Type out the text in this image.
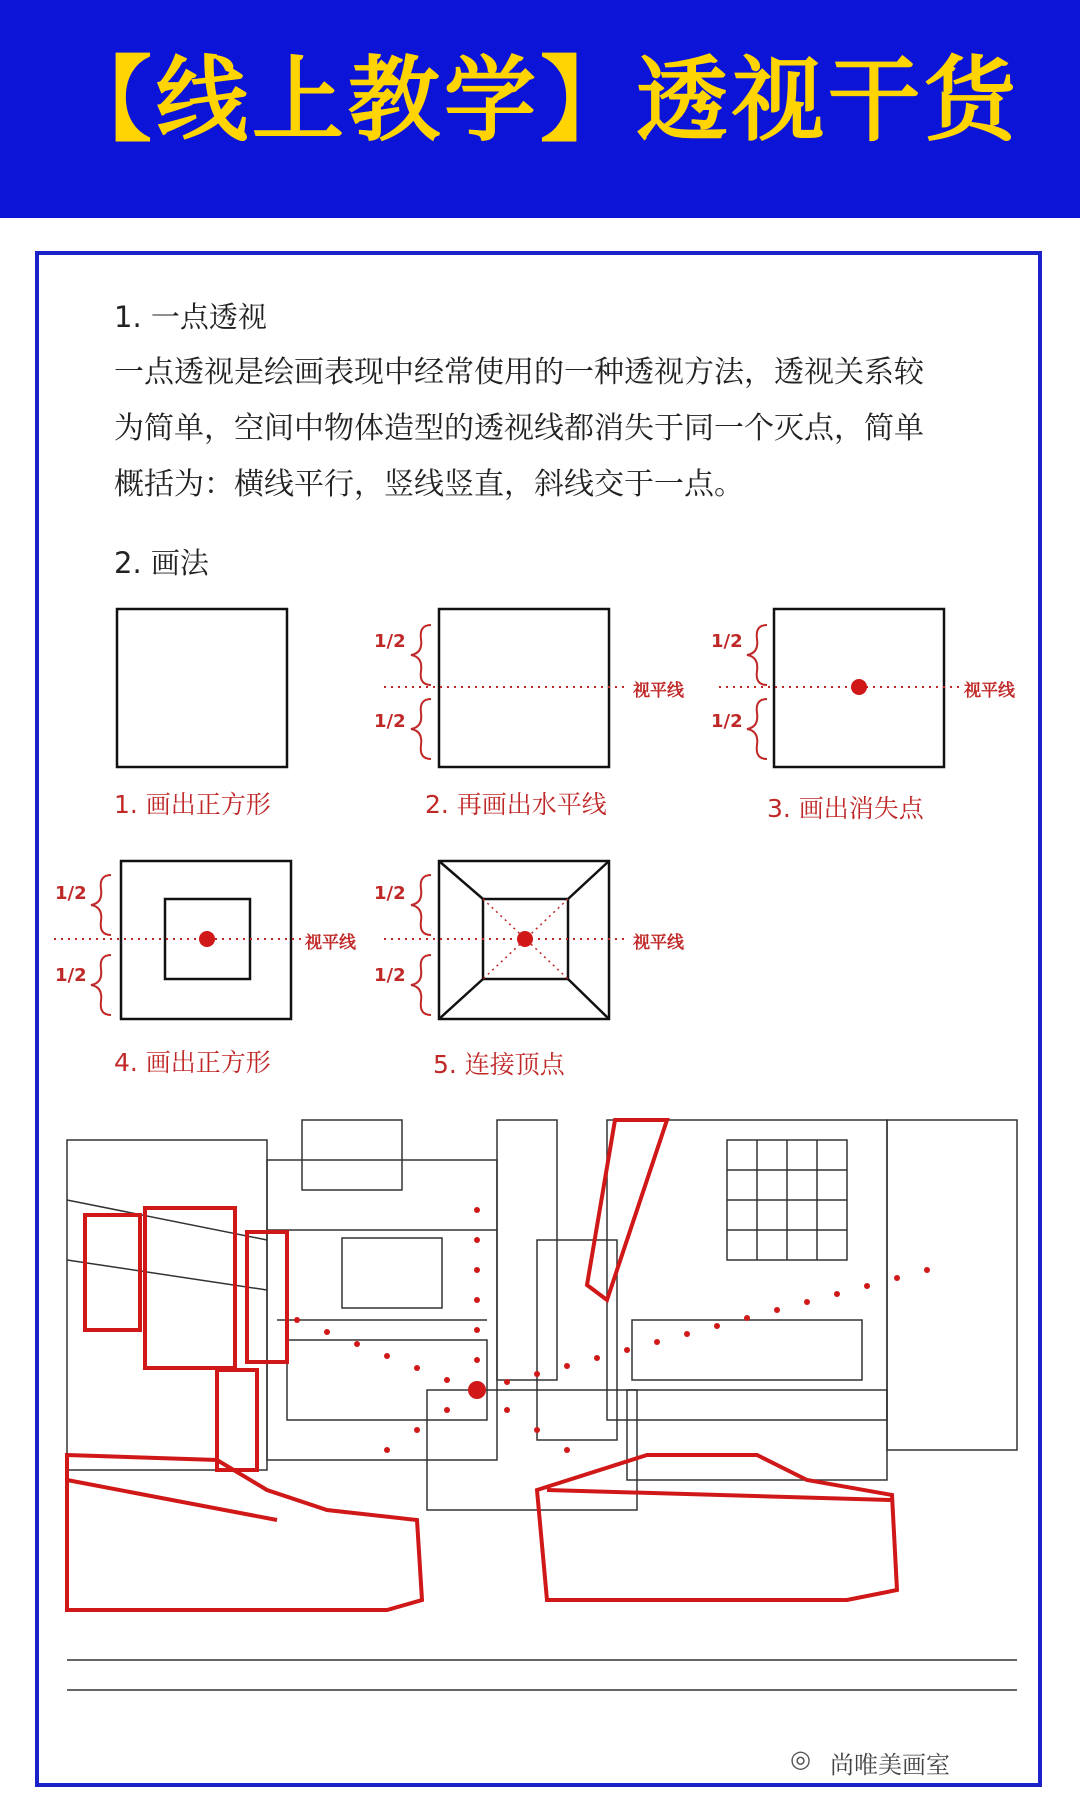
【线上教学】透视干货
1. 一点透视
一点透视是绘画表现中经常使用的一种透视方法，透视关系较
为简单，空间中物体造型的透视线都消失于同一个灭点，简单
概括为：横线平行，竖线竖直，斜线交于一点。
2. 画法
1/2
1/2
1/2
1/2
1/2
1/2
1/2
1/2
视平线	视平线
视平线	视平线
1. 画出正方形	2. 再画出水平线	3. 画出消失点
4. 画出正方形	5. 连接顶点
◎ 尚唯美画室
